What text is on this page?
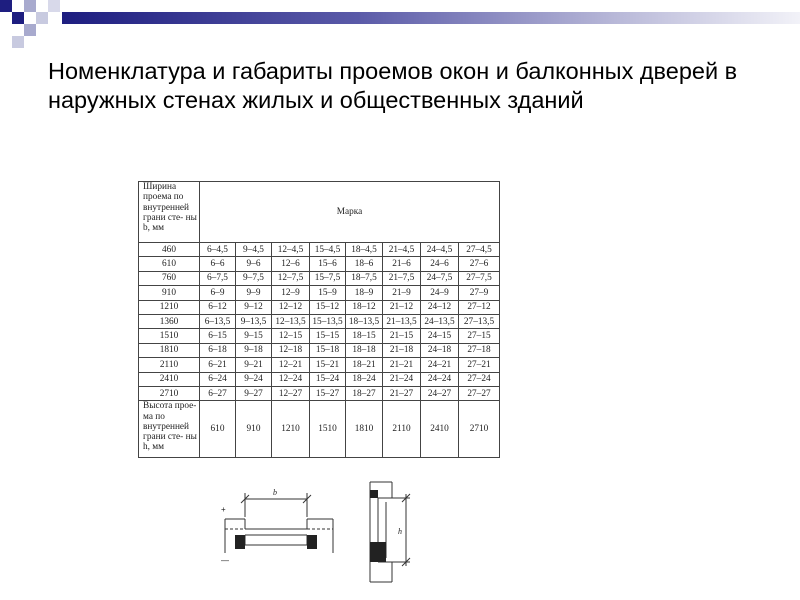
Номенклатура и габариты проемов окон и балконных дверей в наружных стенах жилых и общественных зданий
Ширина проема по внутренней грани сте- ны b, мм	Марка							
460	6–4,5	9–4,5	12–4,5	15–4,5	18–4,5	21–4,5	24–4,5	27–4,5
610	6–6	9–6	12–6	15–6	18–6	21–6	24–6	27–6
760	6–7,5	9–7,5	12–7,5	15–7,5	18–7,5	21–7,5	24–7,5	27–7,5
910	6–9	9–9	12–9	15–9	18–9	21–9	24–9	27–9
1210	6–12	9–12	12–12	15–12	18–12	21–12	24–12	27–12
1360	6–13,5	9–13,5	12–13,5	15–13,5	18–13,5	21–13,5	24–13,5	27–13,5
1510	6–15	9–15	12–15	15–15	18–15	21–15	24–15	27–15
1810	6–18	9–18	12–18	15–18	18–18	21–18	24–18	27–18
2110	6–21	9–21	12–21	15–21	18–21	21–21	24–21	27–21
2410	6–24	9–24	12–24	15–24	18–24	21–24	24–24	27–24
2710	6–27	9–27	12–27	15–27	18–27	21–27	24–27	27–27
Высота прое- ма по внутренней грани сте- ны h, мм	610	910	1210	1510	1810	2110	2410	2710
b
+
—
h
